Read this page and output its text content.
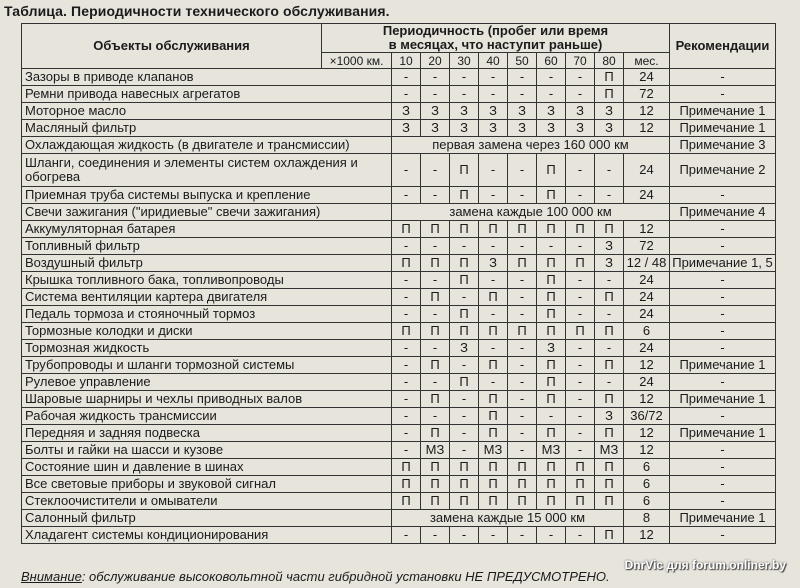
Таблица. Периодичности технического обслуживания.
Объекты обслуживания	Периодичность (пробег или время в месяцах, что наступит раньше)										Рекомендации
	×1000 км.	10	20	30	40	50	60	70	80	мес.	
Зазоры в приводе клапанов		-	-	-	-	-	-	-	П	24	-
Ремни привода навесных агрегатов		-	-	-	-	-	-	-	П	72	-
Моторное масло		З	З	З	З	З	З	З	З	12	Примечание 1
Масляный фильтр		З	З	З	З	З	З	З	З	12	Примечание 1
Охлаждающая жидкость (в двигателе и трансмиссии)		первая замена через 160 000 км									Примечание 3
Шланги, соединения и элементы систем охлаждения и обогрева		-	-	П	-	-	П	-	-	24	Примечание 2
Приемная труба системы выпуска и крепление		-	-	П	-	-	П	-	-	24	-
Свечи зажигания ("иридиевые" свечи зажигания)		замена каждые 100 000 км									Примечание 4
Аккумуляторная батарея		П	П	П	П	П	П	П	П	12	-
Топливный фильтр		-	-	-	-	-	-	-	З	72	-
Воздушный фильтр		П	П	П	З	П	П	П	З	12 / 48	Примечание 1, 5
Крышка топливного бака, топливопроводы		-	-	П	-	-	П	-	-	24	-
Система вентиляции картера двигателя		-	П	-	П	-	П	-	П	24	-
Педаль тормоза и стояночный тормоз		-	-	П	-	-	П	-	-	24	-
Тормозные колодки и диски		П	П	П	П	П	П	П	П	6	-
Тормозная жидкость		-	-	З	-	-	З	-	-	24	-
Трубопроводы и шланги тормозной системы		-	П	-	П	-	П	-	П	12	Примечание 1
Рулевое управление		-	-	П	-	-	П	-	-	24	-
Шаровые шарниры и чехлы приводных валов		-	П	-	П	-	П	-	П	12	Примечание 1
Рабочая жидкость трансмиссии		-	-	-	П	-	-	-	З	36/72	-
Передняя и задняя подвеска		-	П	-	П	-	П	-	П	12	Примечание 1
Болты и гайки на шасси и кузове		-	МЗ	-	МЗ	-	МЗ	-	МЗ	12	-
Состояние шин и давление в шинах		П	П	П	П	П	П	П	П	6	-
Все световые приборы и звуковой сигнал		П	П	П	П	П	П	П	П	6	-
Стеклоочистители и омыватели		П	П	П	П	П	П	П	П	6	-
Салонный фильтр		замена каждые 15 000 км								8	Примечание 1
Хладагент системы кондиционирования		-	-	-	-	-	-	-	П	12	-
Внимание: обслуживание высоковольтной части гибридной установки НЕ ПРЕДУСМОТРЕНО.
DnrVic для forum.onliner.by
